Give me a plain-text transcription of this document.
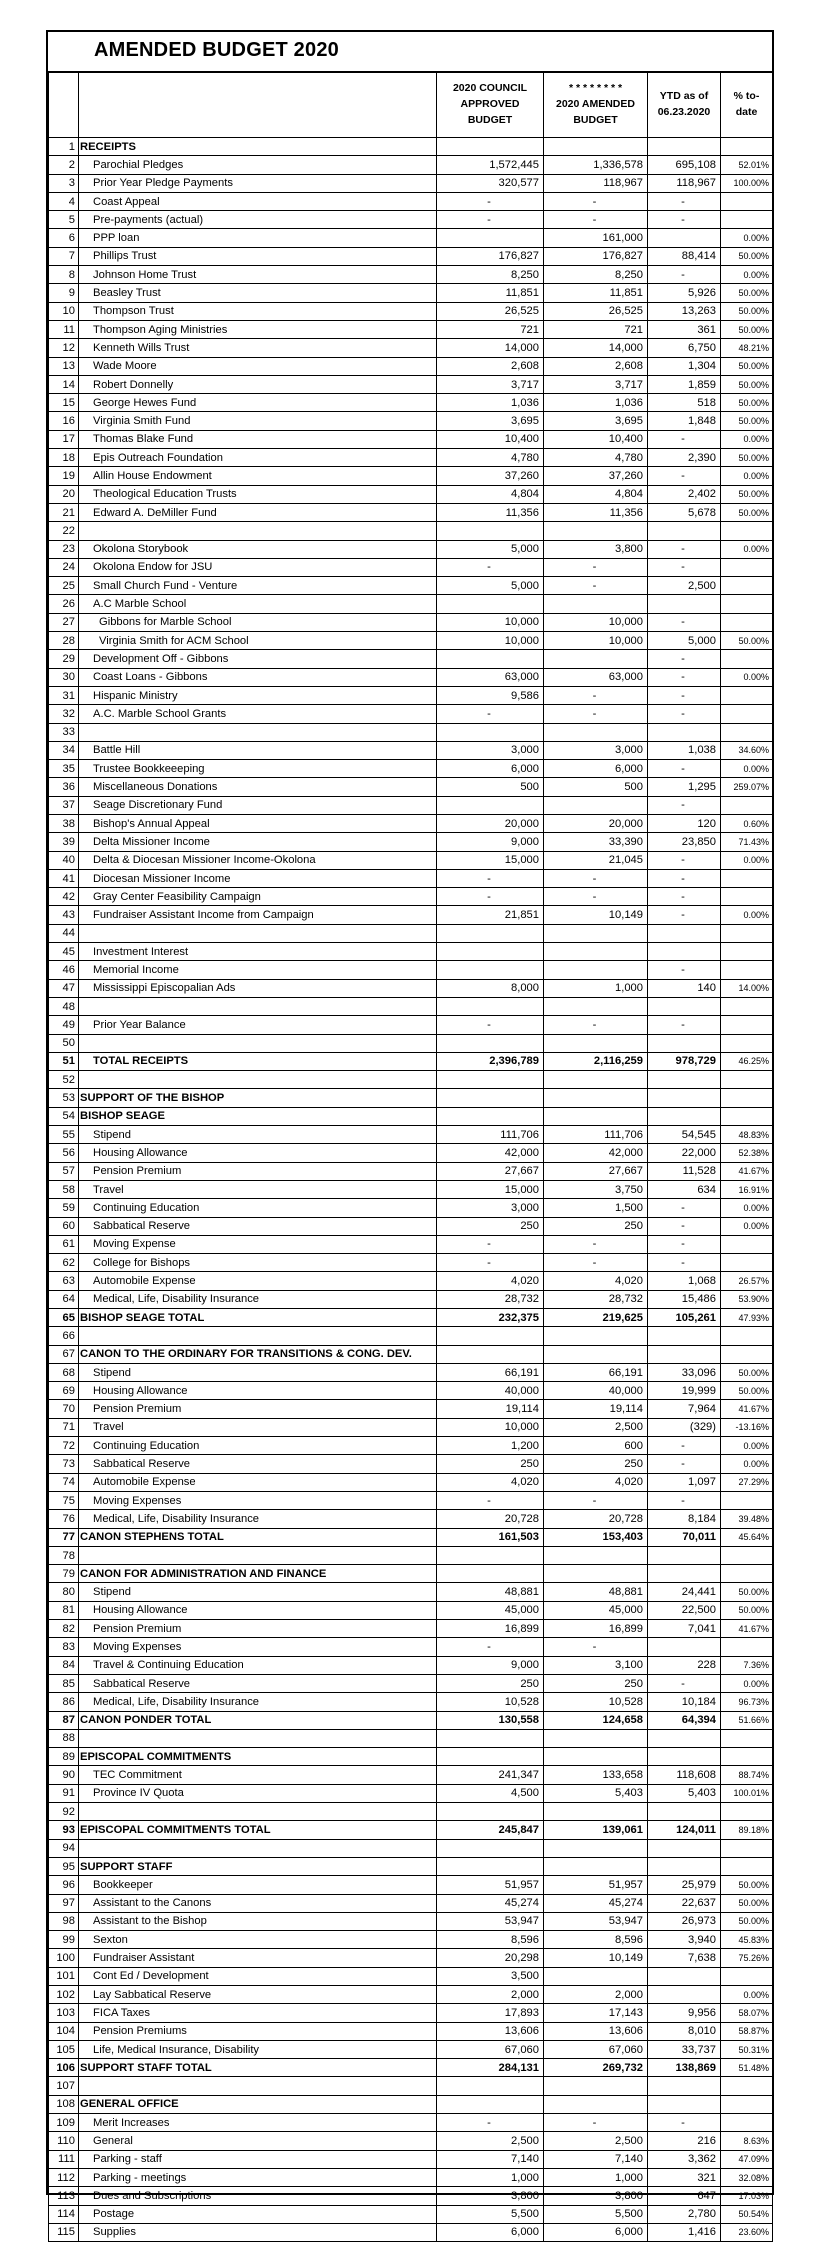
AMENDED BUDGET 2020

		2020 COUNCIL
APPROVED
BUDGET	* * * * * * * *
2020 AMENDED
BUDGET	YTD as of
06.23.2020	% to-
date

1	RECEIPTS				
2	Parochial Pledges	1,572,445	1,336,578	695,108	52.01%
3	Prior Year Pledge Payments	320,577	118,967	118,967	100.00%
4	Coast Appeal	-	-	-	
5	Pre-payments (actual)	-	-	-	
6	PPP loan		161,000		0.00%
7	Phillips Trust	176,827	176,827	88,414	50.00%
8	Johnson Home Trust	8,250	8,250	-	0.00%
9	Beasley Trust	11,851	11,851	5,926	50.00%
10	Thompson Trust	26,525	26,525	13,263	50.00%
11	Thompson Aging Ministries	721	721	361	50.00%
12	Kenneth Wills Trust	14,000	14,000	6,750	48.21%
13	Wade Moore	2,608	2,608	1,304	50.00%
14	Robert Donnelly	3,717	3,717	1,859	50.00%
15	George Hewes Fund	1,036	1,036	518	50.00%
16	Virginia Smith Fund	3,695	3,695	1,848	50.00%
17	Thomas Blake Fund	10,400	10,400	-	0.00%
18	Epis Outreach Foundation	4,780	4,780	2,390	50.00%
19	Allin House Endowment	37,260	37,260	-	0.00%
20	Theological Education Trusts	4,804	4,804	2,402	50.00%
21	Edward A. DeMiller Fund	11,356	11,356	5,678	50.00%
22					
23	Okolona Storybook	5,000	3,800	-	0.00%
24	Okolona Endow for JSU	-	-	-	
25	Small Church Fund - Venture	5,000	-	2,500	
26	A.C Marble School				
27	Gibbons for Marble School	10,000	10,000	-	
28	Virginia Smith for ACM School	10,000	10,000	5,000	50.00%
29	Development Off - Gibbons			-	
30	Coast Loans - Gibbons	63,000	63,000	-	0.00%
31	Hispanic Ministry	9,586	-	-	
32	A.C. Marble School Grants	-	-	-	
33					
34	Battle Hill	3,000	3,000	1,038	34.60%
35	Trustee Bookkeeeping	6,000	6,000	-	0.00%
36	Miscellaneous Donations	500	500	1,295	259.07%
37	Seage Discretionary Fund			-	
38	Bishop's Annual Appeal	20,000	20,000	120	0.60%
39	Delta Missioner Income	9,000	33,390	23,850	71.43%
40	Delta & Diocesan Missioner Income-Okolona	15,000	21,045	-	0.00%
41	Diocesan Missioner Income	-	-	-	
42	Gray Center Feasibility Campaign	-	-	-	
43	Fundraiser Assistant Income from Campaign	21,851	10,149	-	0.00%
44					
45	Investment Interest				
46	Memorial Income			-	
47	Mississippi Episcopalian Ads	8,000	1,000	140	14.00%
48					
49	Prior Year Balance	-	-	-	
50					
51	TOTAL RECEIPTS	2,396,789	2,116,259	978,729	46.25%
52					
53	SUPPORT OF THE BISHOP				
54	BISHOP SEAGE				
55	Stipend	111,706	111,706	54,545	48.83%
56	Housing Allowance	42,000	42,000	22,000	52.38%
57	Pension Premium	27,667	27,667	11,528	41.67%
58	Travel	15,000	3,750	634	16.91%
59	Continuing Education	3,000	1,500	-	0.00%
60	Sabbatical Reserve	250	250	-	0.00%
61	Moving Expense	-	-	-	
62	College for Bishops	-	-	-	
63	Automobile Expense	4,020	4,020	1,068	26.57%
64	Medical, Life, Disability Insurance	28,732	28,732	15,486	53.90%
65	BISHOP SEAGE TOTAL	232,375	219,625	105,261	47.93%
66					
67	CANON TO THE ORDINARY FOR TRANSITIONS & CONG. DEV.				
68	Stipend	66,191	66,191	33,096	50.00%
69	Housing Allowance	40,000	40,000	19,999	50.00%
70	Pension Premium	19,114	19,114	7,964	41.67%
71	Travel	10,000	2,500	(329)	-13.16%
72	Continuing Education	1,200	600	-	0.00%
73	Sabbatical Reserve	250	250	-	0.00%
74	Automobile Expense	4,020	4,020	1,097	27.29%
75	Moving Expenses	-	-	-	
76	Medical, Life, Disability Insurance	20,728	20,728	8,184	39.48%
77	CANON STEPHENS TOTAL	161,503	153,403	70,011	45.64%
78					
79	CANON FOR ADMINISTRATION AND FINANCE				
80	Stipend	48,881	48,881	24,441	50.00%
81	Housing Allowance	45,000	45,000	22,500	50.00%
82	Pension Premium	16,899	16,899	7,041	41.67%
83	Moving Expenses	-	-		
84	Travel & Continuing Education	9,000	3,100	228	7.36%
85	Sabbatical Reserve	250	250	-	0.00%
86	Medical, Life, Disability Insurance	10,528	10,528	10,184	96.73%
87	CANON PONDER TOTAL	130,558	124,658	64,394	51.66%
88					
89	EPISCOPAL COMMITMENTS				
90	TEC Commitment	241,347	133,658	118,608	88.74%
91	Province IV Quota	4,500	5,403	5,403	100.01%
92					
93	EPISCOPAL COMMITMENTS TOTAL	245,847	139,061	124,011	89.18%
94					
95	SUPPORT STAFF				
96	Bookkeeper	51,957	51,957	25,979	50.00%
97	Assistant to the Canons	45,274	45,274	22,637	50.00%
98	Assistant to the Bishop	53,947	53,947	26,973	50.00%
99	Sexton	8,596	8,596	3,940	45.83%
100	Fundraiser Assistant	20,298	10,149	7,638	75.26%
101	Cont Ed / Development	3,500			
102	Lay Sabbatical Reserve	2,000	2,000		0.00%
103	FICA Taxes	17,893	17,143	9,956	58.07%
104	Pension Premiums	13,606	13,606	8,010	58.87%
105	Life, Medical Insurance, Disability	67,060	67,060	33,737	50.31%
106	SUPPORT STAFF TOTAL	284,131	269,732	138,869	51.48%
107					
108	GENERAL OFFICE				
109	Merit Increases	-	-	-	
110	General	2,500	2,500	216	8.63%
111	Parking - staff	7,140	7,140	3,362	47.09%
112	Parking - meetings	1,000	1,000	321	32.08%
113	Dues and Subscriptions	3,800	3,800	647	17.03%
114	Postage	5,500	5,500	2,780	50.54%
115	Supplies	6,000	6,000	1,416	23.60%
